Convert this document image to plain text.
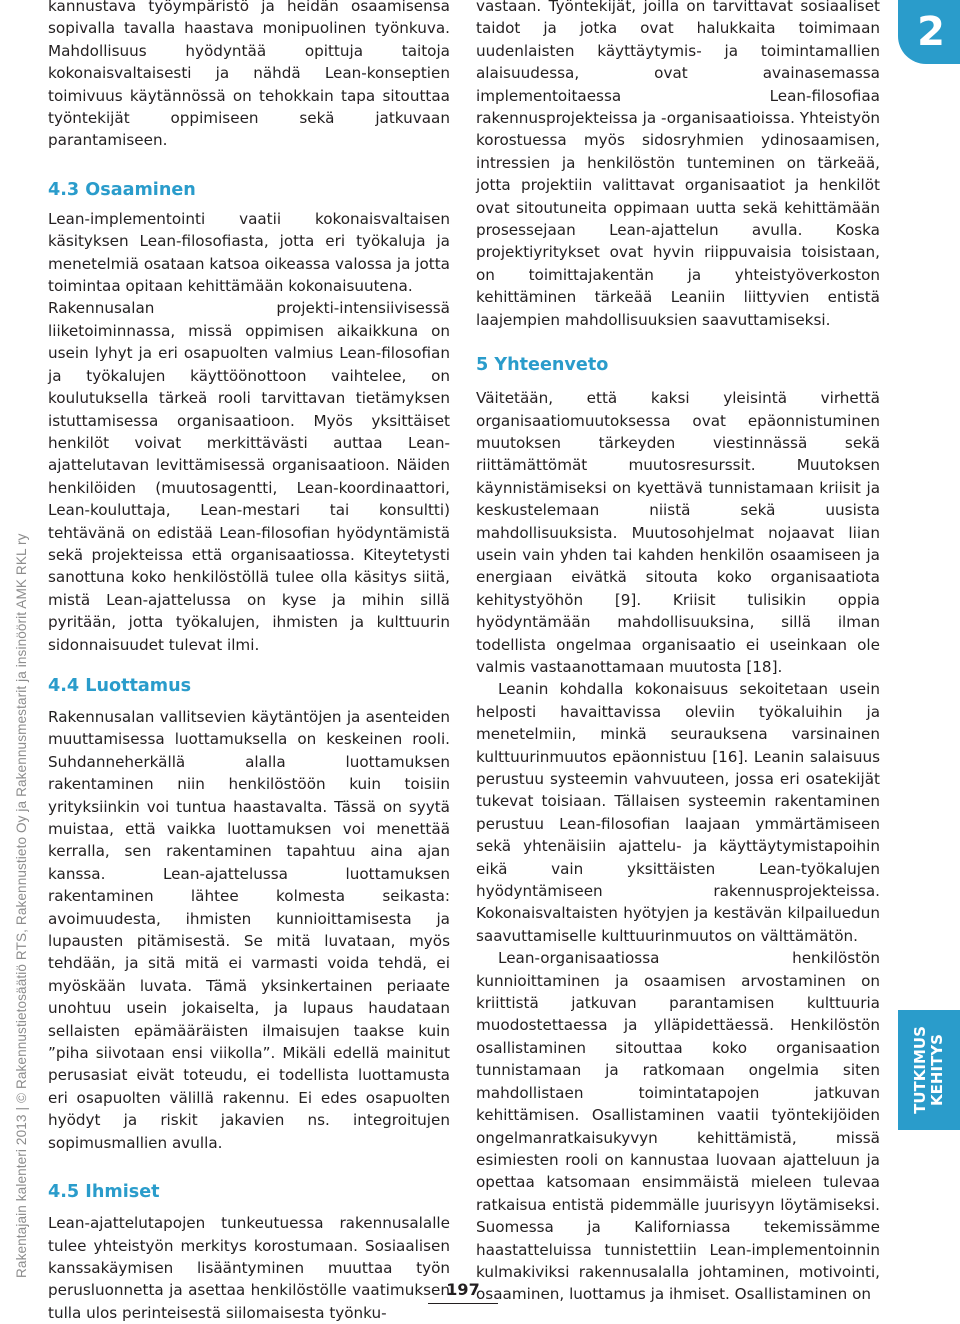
Rakentajain kalenteri 2013 | © Rakennustietosäätiö RTS, Rakennustieto Oy ja Rakennusmestarit ja insinöörit AMK RKL ry

kannustava työympäristö ja heidän osaamisensa sopivalla tavalla haastava monipuolinen työnkuva. Mahdollisuus hyödyntää opittuja taitoja kokonaisvaltaisesti ja nähdä Lean-konseptien toimivuus käytännössä on tehokkain tapa sitouttaa työntekijät oppimiseen sekä jatkuvaan parantamiseen.

4.3 Osaaminen

Lean-implementointi vaatii kokonaisvaltaisen käsityksen Lean-filosofiasta, jotta eri työkaluja ja menetelmiä osataan katsoa oikeassa valossa ja jotta toimintaa opitaan kehittämään kokonaisuutena.

Rakennusalan projekti-intensiivisessä liiketoiminnassa, missä oppimisen aikaikkuna on usein lyhyt ja eri osapuolten valmius Lean-filosofian ja työkalujen käyttöönottoon vaihtelee, on koulutuksella tärkeä rooli tarvittavan tietämyksen istuttamisessa organisaatioon. Myös yksittäiset henkilöt voivat merkittävästi auttaa Lean-ajattelutavan levittämisessä organisaatioon. Näiden henkilöiden (muutosagentti, Lean-koordinaattori, Lean-kouluttaja, Lean-mestari tai konsultti) tehtävänä on edistää Lean-filosofian hyödyntämistä sekä projekteissa että organisaatiossa. Kiteytetysti sanottuna koko henkilöstöllä tulee olla käsitys siitä, mistä Lean-ajattelussa on kyse ja mihin sillä pyritään, jotta työkalujen, ihmisten ja kulttuurin sidonnaisuudet tulevat ilmi.

4.4 Luottamus

Rakennusalan vallitsevien käytäntöjen ja asenteiden muuttamisessa luottamuksella on keskeinen rooli. Suhdanneherkällä alalla luottamuksen rakentaminen niin henkilöstöön kuin toisiin yrityksiinkin voi tuntua haastavalta. Tässä on syytä muistaa, että vaikka luottamuksen voi menettää kerralla, sen rakentaminen tapahtuu aina ajan kanssa. Lean-ajattelussa luottamuksen rakentaminen lähtee kolmesta seikasta: avoimuudesta, ihmisten kunnioittamisesta ja lupausten pitämisestä. Se mitä luvataan, myös tehdään, ja sitä mitä ei varmasti voida tehdä, ei myöskään luvata. Tämä yksinkertainen periaate unohtuu usein jokaiselta, ja lupaus haudataan sellaisten epämääräisten ilmaisujen taakse kuin ”piha siivotaan ensi viikolla”. Mikäli edellä mainitut perusasiat eivät toteudu, ei todellista luottamusta eri osapuolten välillä rakennu. Ei edes osapuolten hyödyt ja riskit jakavien ns. integroitujen sopimusmallien avulla.

4.5 Ihmiset

Lean-ajattelutapojen tunkeutuessa rakennusalalle tulee yhteistyön merkitys korostumaan. Sosiaalisen kanssakäymisen lisääntyminen muuttaa työn perusluonnetta ja asettaa henkilöstölle vaatimuksen tulla ulos perinteisestä siilomaisesta työnku-

vastaan. Työntekijät, joilla on tarvittavat sosiaaliset taidot ja jotka ovat halukkaita toimimaan uudenlaisten käyttäytymis- ja toimintamallien alaisuudessa, ovat avainasemassa implementoitaessa Lean-filosofiaa rakennusprojekteissa ja -organisaatioissa. Yhteistyön korostuessa myös sidosryhmien ydinosaamisen, intressien ja henkilöstön tunteminen on tärkeää, jotta projektiin valittavat organisaatiot ja henkilöt ovat sitoutuneita oppimaan uutta sekä kehittämään prosessejaan Lean-ajattelun avulla. Koska projektiyritykset ovat hyvin riippuvaisia toisistaan, on toimittajakentän ja yhteistyöverkoston kehittäminen tärkeää Leaniin liittyvien entistä laajempien mahdollisuuksien saavuttamiseksi.

5 Yhteenveto

Väitetään, että kaksi yleisintä virhettä organisaatiomuutoksessa ovat epäonnistuminen muutoksen tärkeyden viestinnässä sekä riittämättömät muutosresurssit. Muutoksen käynnistämiseksi on kyettävä tunnistamaan kriisit ja keskustelemaan niistä sekä uusista mahdollisuuksista. Muutosohjelmat nojaavat liian usein vain yhden tai kahden henkilön osaamiseen ja energiaan eivätkä sitouta koko organisaatiota kehitystyöhön [9]. Kriisit tulisikin oppia hyödyntämään mahdollisuuksina, sillä ilman todellista ongelmaa organisaatio ei useinkaan ole valmis vastaanottamaan muutosta [18].

Leanin kohdalla kokonaisuus sekoitetaan usein helposti havaittavissa oleviin työkaluihin ja menetelmiin, minkä seurauksena varsinainen kulttuurinmuutos epäonnistuu [16]. Leanin salaisuus perustuu systeemin vahvuuteen, jossa eri osatekijät tukevat toisiaan. Tällaisen systeemin rakentaminen perustuu Lean-filosofian laajaan ymmärtämiseen sekä yhtenäisiin ajattelu- ja käyttäytymistapoihin eikä vain yksittäisten Lean-työkalujen hyödyntämiseen rakennusprojekteissa. Kokonaisvaltaisten hyötyjen ja kestävän kilpailuedun saavuttamiselle kulttuurinmuutos on välttämätön.

Lean-organisaatiossa henkilöstön kunnioittaminen ja osaamisen arvostaminen on kriittistä jatkuvan parantamisen kulttuuria muodostettaessa ja ylläpidettäessä. Henkilöstön osallistaminen sitouttaa koko organisaation tunnistamaan ja ratkomaan ongelmia siten mahdollistaen toimintatapojen jatkuvan kehittämisen. Osallistaminen vaatii työntekijöiden ongelmanratkaisukyvyn kehittämistä, missä esimiesten rooli on kannustaa luovaan ajatteluun ja opettaa katsomaan ensimmäistä mieleen tulevaa ratkaisua entistä pidemmälle juurisyyn löytämiseksi. Suomessa ja Kaliforniassa tekemissämme haastatteluissa tunnistettiin Lean-implementoinnin kulmakiviksi rakennusalalla johtaminen, motivointi, osaaminen, luottamus ja ihmiset. Osallistaminen on

2
TUTKIMUS KEHITYS
197
